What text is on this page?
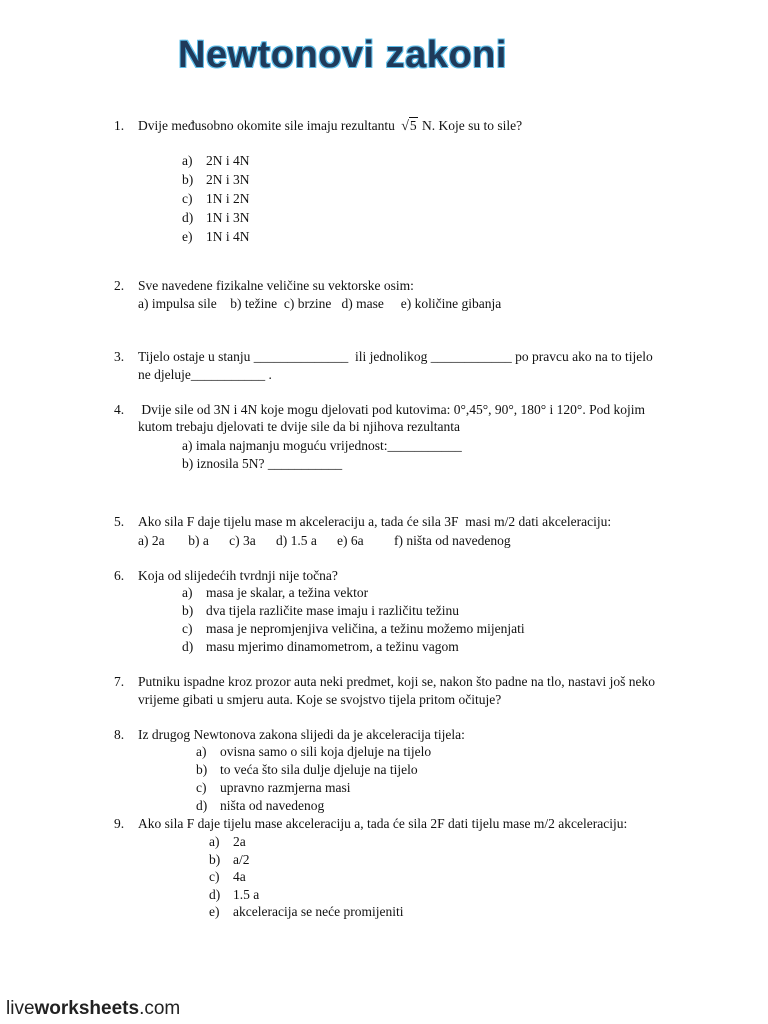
Newtonovi zakoni
1. Dvije međusobno okomite sile imaju rezultantu √5 N. Koje su to sile?
a) 2N i 4N
b) 2N i 3N
c) 1N i 2N
d) 1N i 3N
e) 1N i 4N
2. Sve navedene fizikalne veličine su vektorske osim:
a) impulsa sile    b) težine  c) brzine   d) mase     e) količine gibanja
3. Tijelo ostaje u stanju ______________  ili jednolikog ____________ po pravcu ako na to tijelo
ne djeluje___________ .
4. Dvije sile od 3N i 4N koje mogu djelovati pod kutovima: 0°,45°, 90°, 180° i 120°. Pod kojim
kutom trebaju djelovati te dvije sile da bi njihova rezultanta
a) imala najmanju moguću vrijednost:___________
b) iznosila 5N? ___________
5. Ako sila F daje tijelu mase m akceleraciju a, tada će sila 3F  masi m/2 dati akceleraciju:
a) 2a       b) a      c) 3a      d) 1.5 a      e) 6a         f) ništa od navedenog
6. Koja od slijedećih tvrdnji nije točna?
a) masa je skalar, a težina vektor
b) dva tijela različite mase imaju i različitu težinu
c) masa je nepromjenjiva veličina, a težinu možemo mijenjati
d) masu mjerimo dinamometrom, a težinu vagom
7. Putniku ispadne kroz prozor auta neki predmet, koji se, nakon što padne na tlo, nastavi još neko
vrijeme gibati u smjeru auta. Koje se svojstvo tijela pritom očituje?
8. Iz drugog Newtonova zakona slijedi da je akceleracija tijela:
a) ovisna samo o sili koja djeluje na tijelo
b) to veća što sila dulje djeluje na tijelo
c) upravno razmjerna masi
d) ništa od navedenog
9. Ako sila F daje tijelu mase akceleraciju a, tada će sila 2F dati tijelu mase m/2 akceleraciju:
a) 2a
b) a/2
c) 4a
d) 1.5 a
e) akceleracija se neće promijeniti
liveworksheets.com
